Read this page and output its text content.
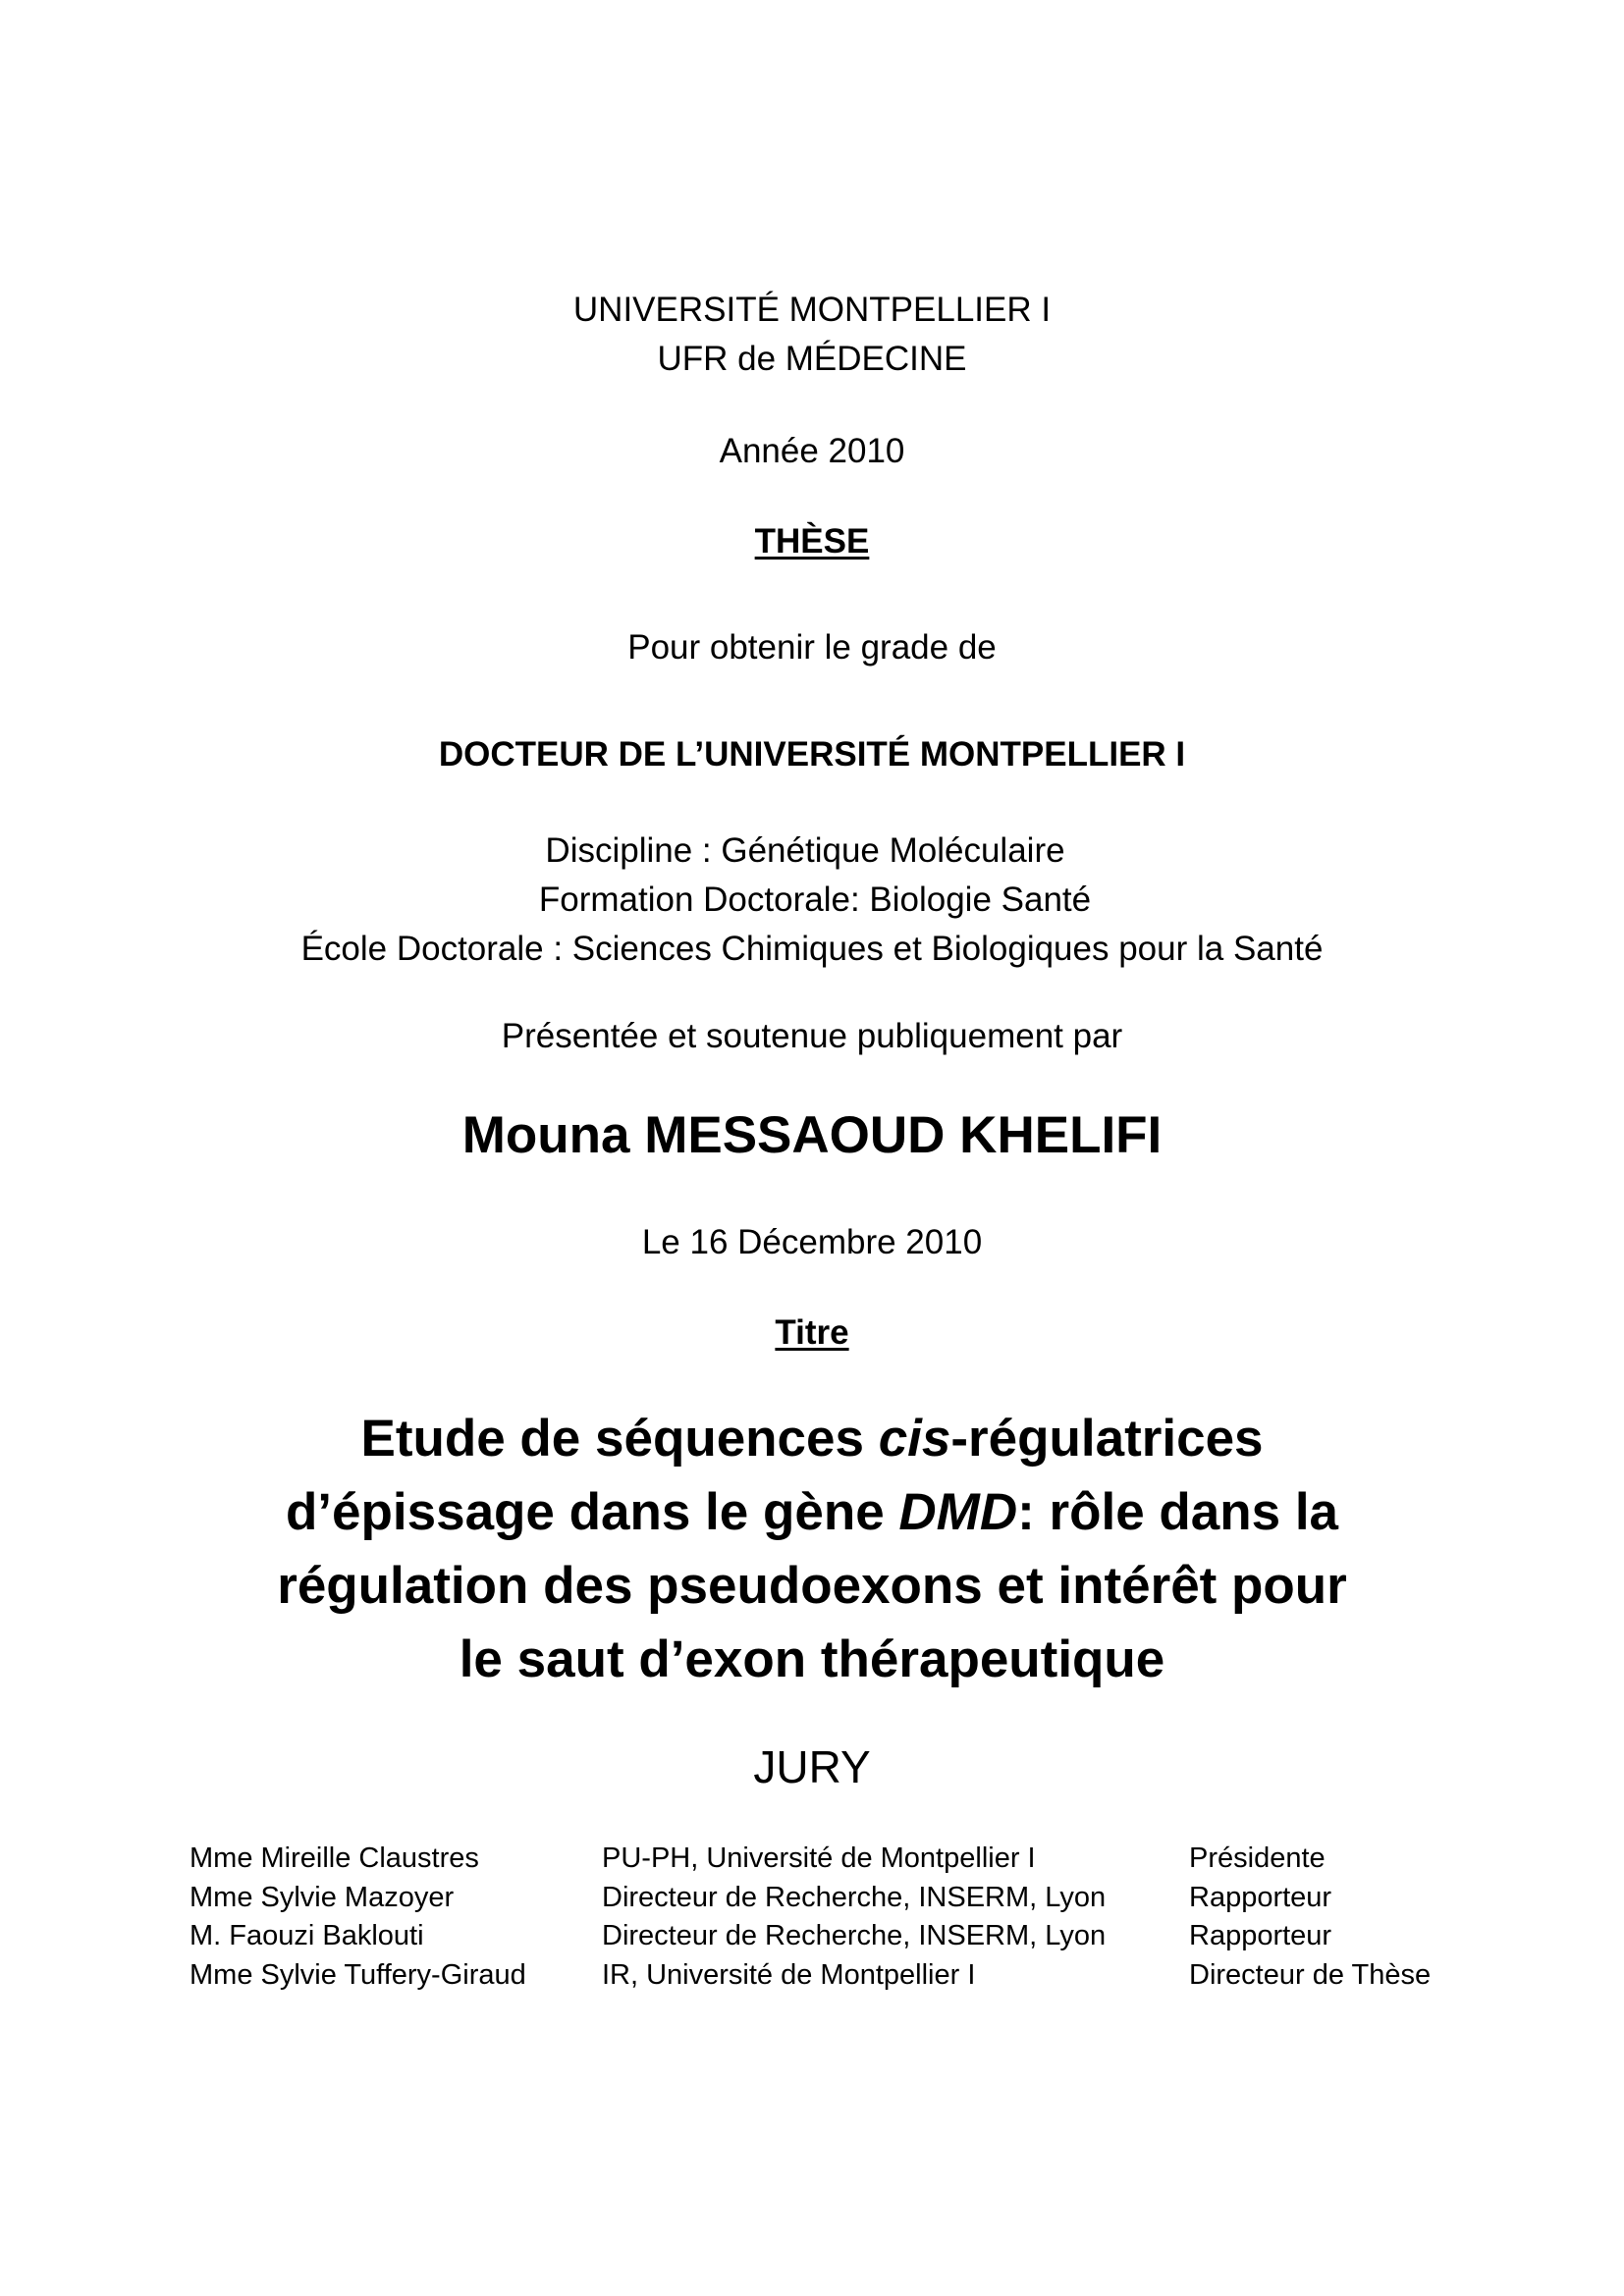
UNIVERSITÉ MONTPELLIER I
UFR de MÉDECINE
Année 2010
THÈSE
Pour obtenir le grade de
DOCTEUR DE L’UNIVERSITÉ MONTPELLIER I
Discipline : Génétique Moléculaire
Formation Doctorale: Biologie Santé
École Doctorale : Sciences Chimiques et Biologiques pour la Santé
Présentée et soutenue publiquement par
Mouna MESSAOUD KHELIFI
Le 16 Décembre 2010
Titre
Etude de séquences cis-régulatrices
d’épissage dans le gène DMD: rôle dans la
régulation des pseudoexons et intérêt pour
le saut d’exon thérapeutique
JURY
Mme Mireille Claustres	PU-PH, Université de Montpellier I	Présidente
Mme Sylvie Mazoyer	Directeur de Recherche, INSERM, Lyon	Rapporteur
M. Faouzi Baklouti	Directeur de Recherche, INSERM, Lyon	Rapporteur
Mme Sylvie Tuffery-Giraud	IR, Université de Montpellier I	Directeur de Thèse
